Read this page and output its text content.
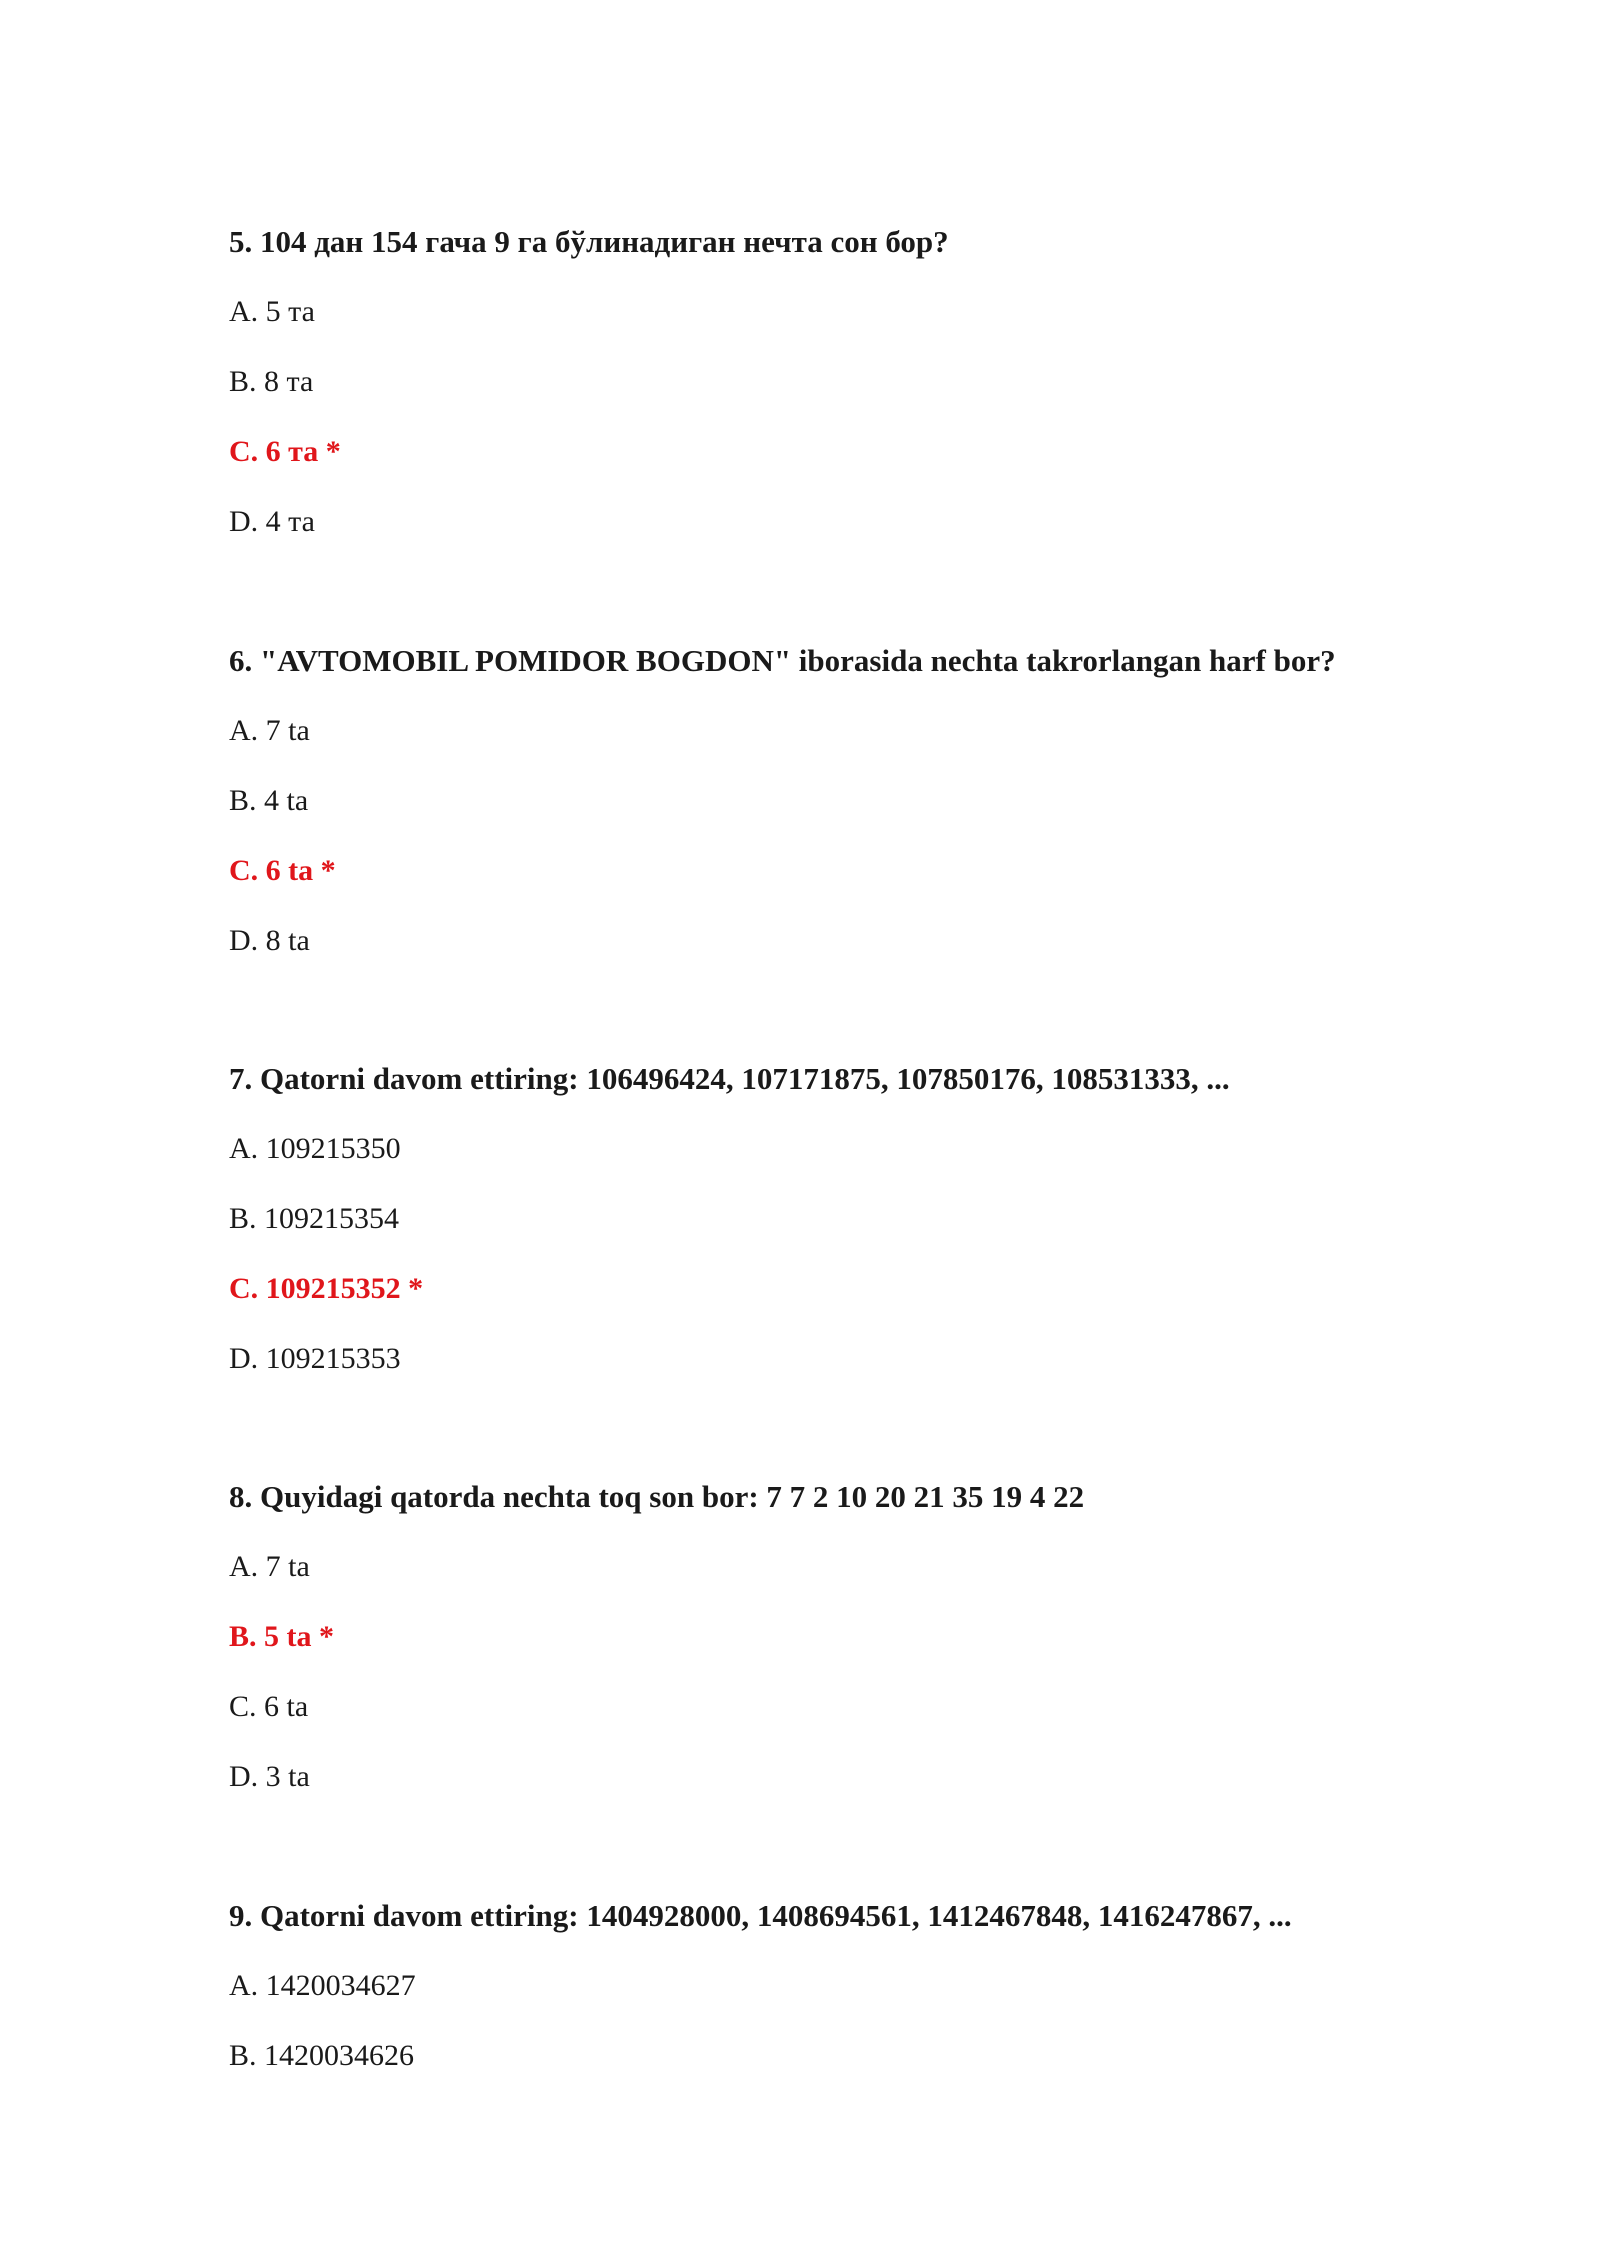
5 . 104 дан 154 гача 9 га бўлинадиган нечта сон бор?

A . 5 та
B . 8 та
C . 6 та *
D . 4 та

6 . "AVTOMOBIL POMIDOR BOGDON" iborasida nechta takrorlangan harf bor?

A . 7 ta
B . 4 ta
C . 6 ta *
D . 8 ta

7 . Qatorni davom ettiring: 106496424, 107171875, 107850176, 108531333, ...

A . 109215350
B . 109215354
C . 109215352 *
D . 109215353

8 . Quyidagi qatorda nechta toq son bor: 7 7 2 10 20 21 35 19 4 22

A . 7 ta
B . 5 ta *
C . 6 ta
D . 3 ta

9 . Qatorni davom ettiring: 1404928000, 1408694561, 1412467848, 1416247867, ...

A . 1420034627
B . 1420034626
